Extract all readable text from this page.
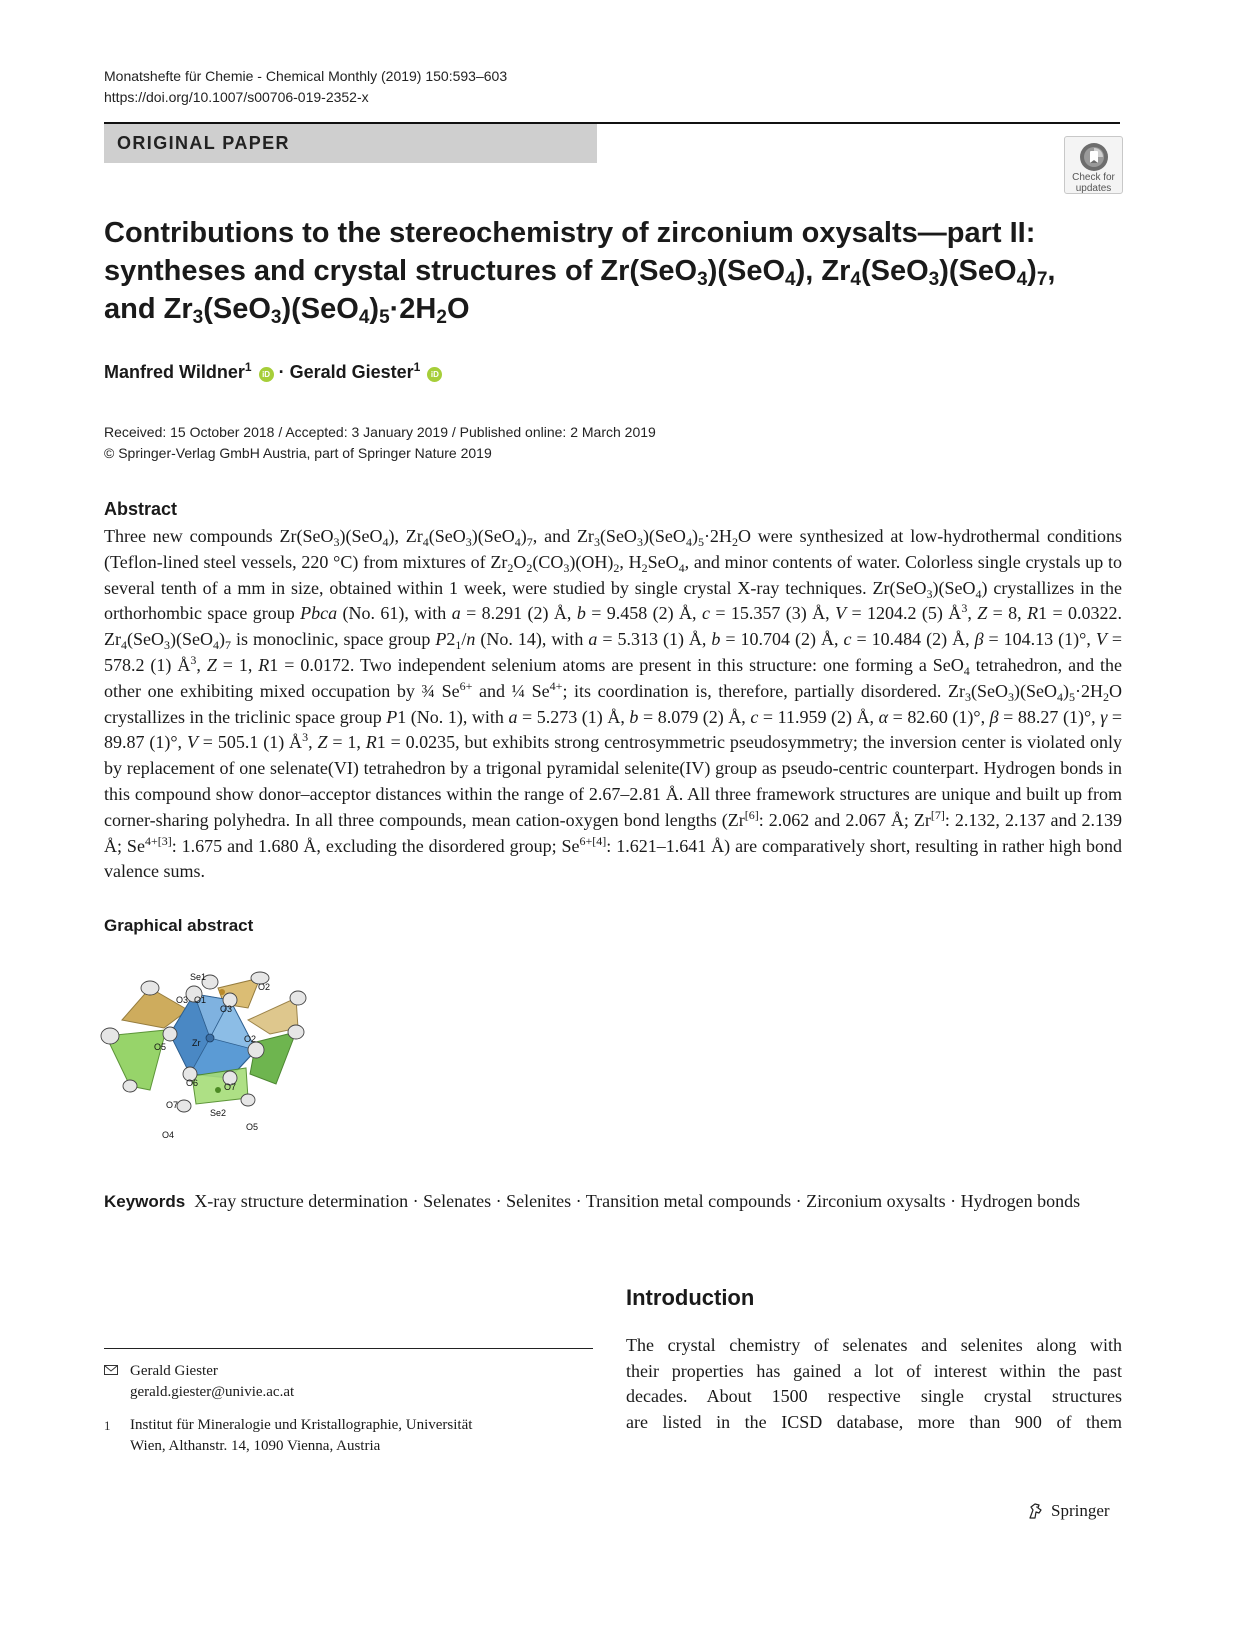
Monatshefte für Chemie - Chemical Monthly (2019) 150:593–603
https://doi.org/10.1007/s00706-019-2352-x
ORIGINAL PAPER
Check for
updates
Contributions to the stereochemistry of zirconium oxysalts—part II:
syntheses and crystal structures of Zr(SeO$_3$)(SeO$_4$), $Zr_4(SeO_3)(SeO_4)_7$,
and $Zr_3(SeO_3)(SeO_4)_5\cdot 2H_2O$
Manfred Wildner$^1$ iD · Gerald Giester$^1$ iD
Received: 15 October 2018 / Accepted: 3 January 2019 / Published online: 2 March 2019
© Springer-Verlag GmbH Austria, part of Springer Nature 2019
Abstract
Three new compounds Zr(SeO$_3$)(SeO$_4$), $Zr_4(SeO_3)(SeO_4)_7$, and $Zr_3(SeO_3)(SeO_4)_5\cdot 2H_2O$ were synthesized at low-hydrothermal conditions (Teflon-lined steel vessels, 220 °C) from mixtures of $Zr_2O_2(CO_3)(OH)_2$, $H_2SeO_4$, and minor contents of water. Colorless single crystals up to several tenth of a mm in size, obtained within 1 week, were studied by single crystal X-ray techniques. Zr(SeO$_3$)(SeO$_4$) crystallizes in the orthorhombic space group Pbca (No. 61), with a = 8.291 (2) Å, b = 9.458 (2) Å, c = 15.357 (3) Å, V = 1204.2 (5) $Å^3$, Z = 8, R1 = 0.0322. $Zr_4(SeO_3)(SeO_4)_7$ is monoclinic, space group $P2_1/n$ (No. 14), with a = 5.313 (1) Å, b = 10.704 (2) Å, c = 10.484 (2) Å, β = 104.13 (1)°, V = 578.2 (1) $Å^3$, Z = 1, R1 = 0.0172. Two independent selenium atoms are present in this structure: one forming a SeO$_4$ tetrahedron, and the other one exhibiting mixed occupation by ¾ $Se^{6+}$ and ¼ $Se^{4+}$; its coordination is, therefore, partially disordered. $Zr_3(SeO_3)(SeO_4)_5\cdot 2H_2O$ crystallizes in the triclinic space group P1 (No. 1), with a = 5.273 (1) Å, b = 8.079 (2) Å, c = 11.959 (2) Å, α = 82.60 (1)°, β = 88.27 (1)°, γ = 89.87 (1)°, V = 505.1 (1) $Å^3$, Z = 1, R1 = 0.0235, but exhibits strong centrosymmetric pseudosymmetry; the inversion center is violated only by replacement of one selenate(VI) tetrahedron by a trigonal pyramidal selenite(IV) group as pseudo-centric counterpart. Hydrogen bonds in this compound show donor–acceptor distances within the range of 2.67–2.81 Å. All three framework structures are unique and built up from corner-sharing polyhedra. In all three compounds, mean cation-oxygen bond lengths (Zr[6]: 2.062 and 2.067 Å; Zr[7]: 2.132, 2.137 and 2.139 Å; $Se^{4+[3]}$: 1.675 and 1.680 Å, excluding the disordered group; $Se^{6+[4]}$: 1.621–1.641 Å) are comparatively short, resulting in rather high bond valence sums.
Graphical abstract
Se1
O2
O3 O1
O3
O5	Zr	O2
O6	O7
O7
Se2
O4
O5
Keywords X-ray structure determination · Selenates · Selenites · Transition metal compounds · Zirconium oxysalts · Hydrogen bonds
Introduction
The crystal chemistry of selenates and selenites along with
their properties has gained a lot of interest within the past
decades. About 1500 respective single crystal structures
are listed in the ICSD database, more than 900 of them
Gerald Giester
gerald.giester@univie.ac.at
1	Institut für Mineralogie und Kristallographie, Universität
Wien, Althanstr. 14, 1090 Vienna, Austria
Springer
